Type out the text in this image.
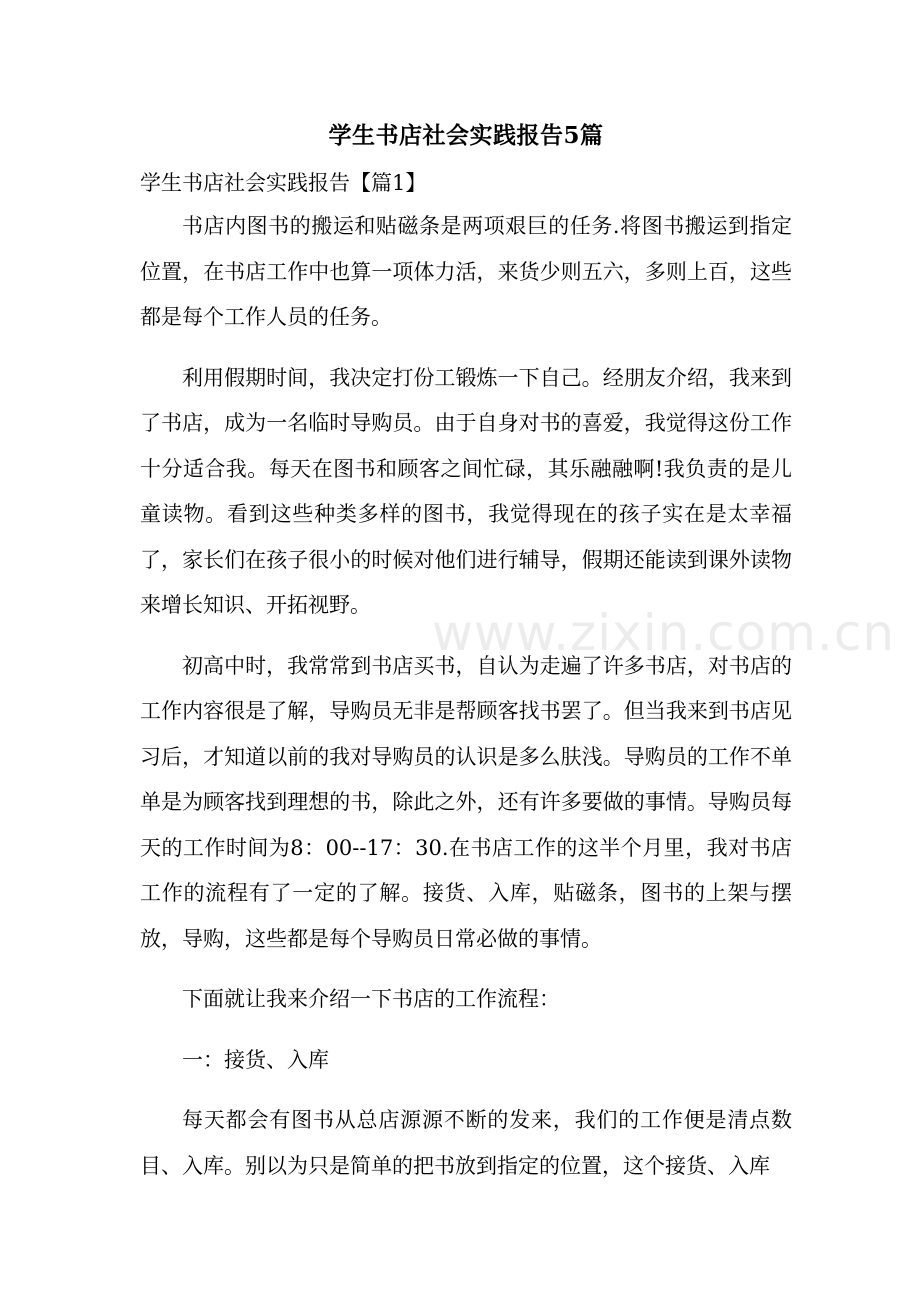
学生书店社会实践报告5篇
学生书店社会实践报告【篇1】

书店内图书的搬运和贴磁条是两项艰巨的任务.将图书搬运到指定位置，在书店工作中也算一项体力活，来货少则五六，多则上百，这些都是每个工作人员的任务。

利用假期时间，我决定打份工锻炼一下自己。经朋友介绍，我来到了书店，成为一名临时导购员。由于自身对书的喜爱，我觉得这份工作十分适合我。每天在图书和顾客之间忙碌，其乐融融啊!我负责的是儿童读物。看到这些种类多样的图书，我觉得现在的孩子实在是太幸福了，家长们在孩子很小的时候对他们进行辅导，假期还能读到课外读物来增长知识、开拓视野。

初高中时，我常常到书店买书，自认为走遍了许多书店，对书店的工作内容很是了解，导购员无非是帮顾客找书罢了。但当我来到书店见习后，才知道以前的我对导购员的认识是多么肤浅。导购员的工作不单单是为顾客找到理想的书，除此之外，还有许多要做的事情。导购员每天的工作时间为8：00--17：30.在书店工作的这半个月里，我对书店工作的流程有了一定的了解。接货、入库，贴磁条，图书的上架与摆放，导购，这些都是每个导购员日常必做的事情。

下面就让我来介绍一下书店的工作流程：

一：接货、入库

每天都会有图书从总店源源不断的发来，我们的工作便是清点数目、入库。别以为只是简单的把书放到指定的位置，这个接货、入库

www.zixin.com.cn
